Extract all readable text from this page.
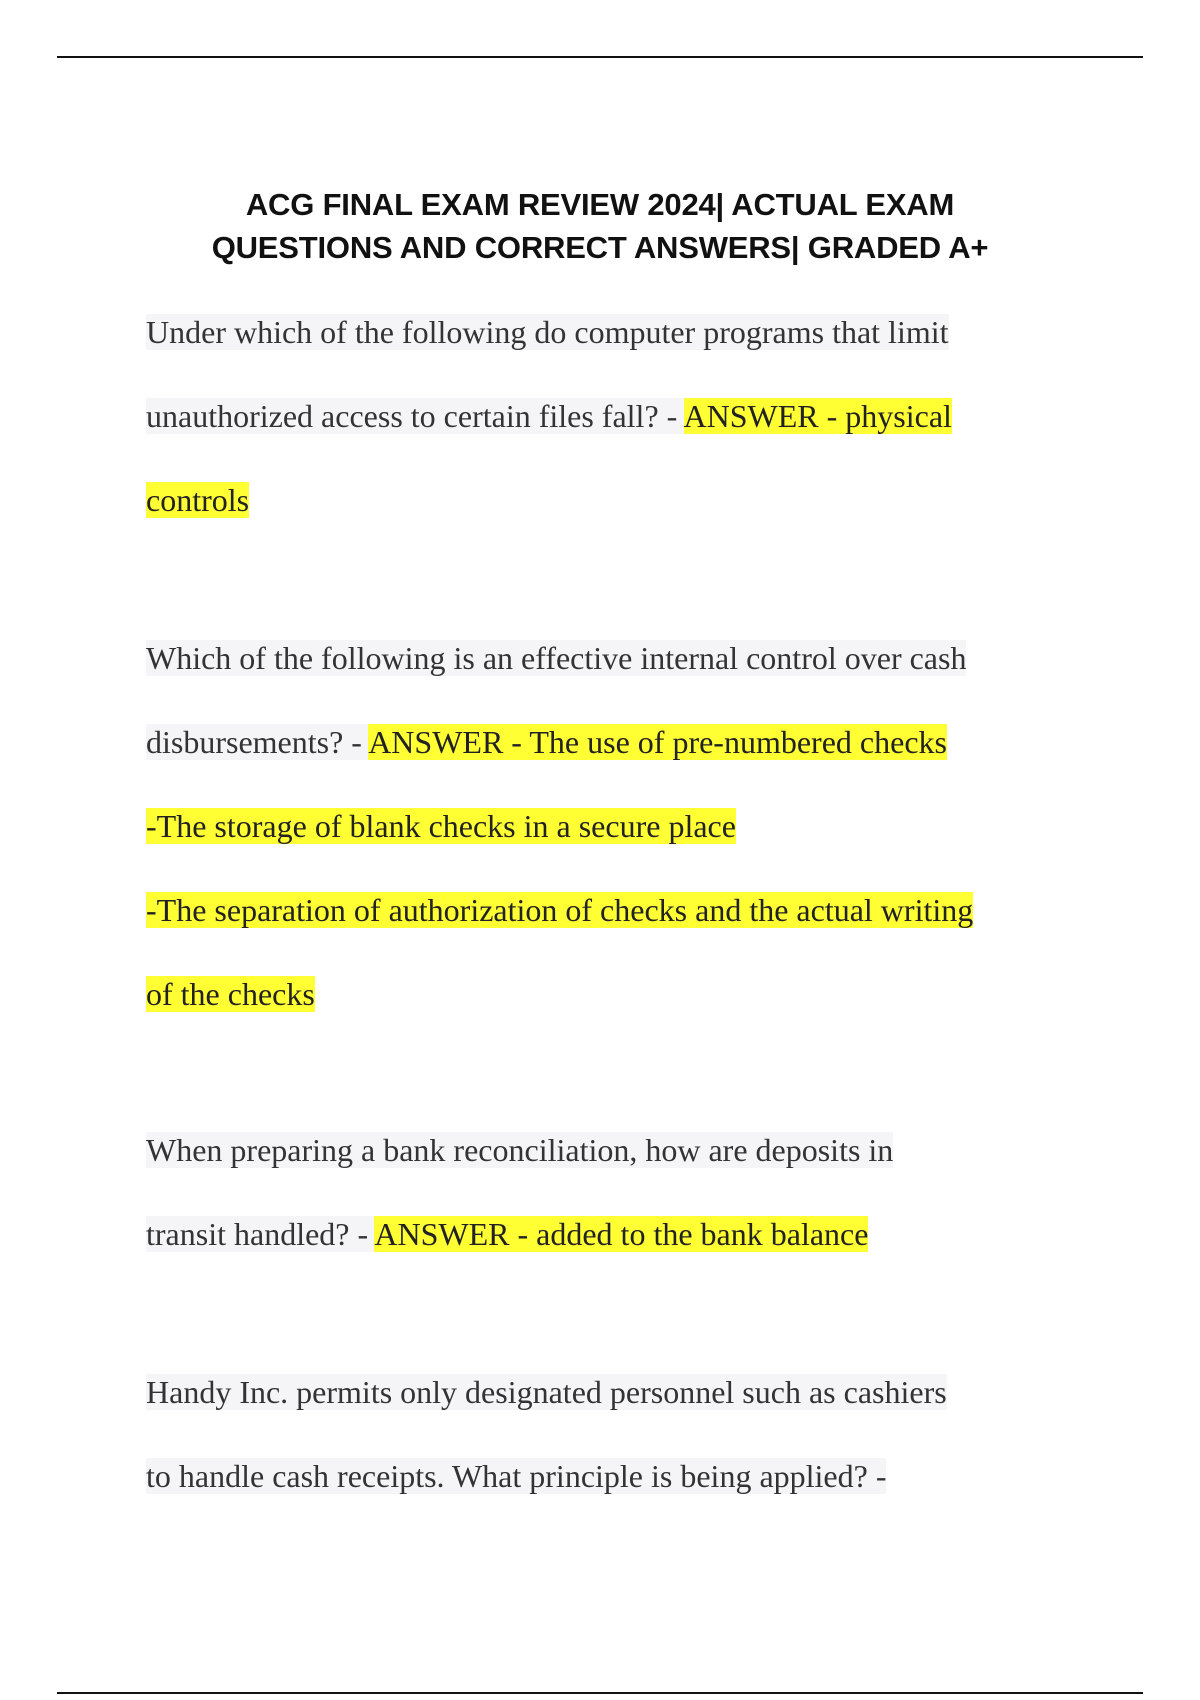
ACG FINAL EXAM REVIEW 2024| ACTUAL EXAM
QUESTIONS AND CORRECT ANSWERS| GRADED A+
Under which of the following do computer programs that limit
unauthorized access to certain files fall? - ANSWER - physical
controls
Which of the following is an effective internal control over cash
disbursements? - ANSWER - The use of pre-numbered checks
-The storage of blank checks in a secure place
-The separation of authorization of checks and the actual writing
of the checks
When preparing a bank reconciliation, how are deposits in
transit handled? - ANSWER - added to the bank balance
Handy Inc. permits only designated personnel such as cashiers
to handle cash receipts. What principle is being applied? -
